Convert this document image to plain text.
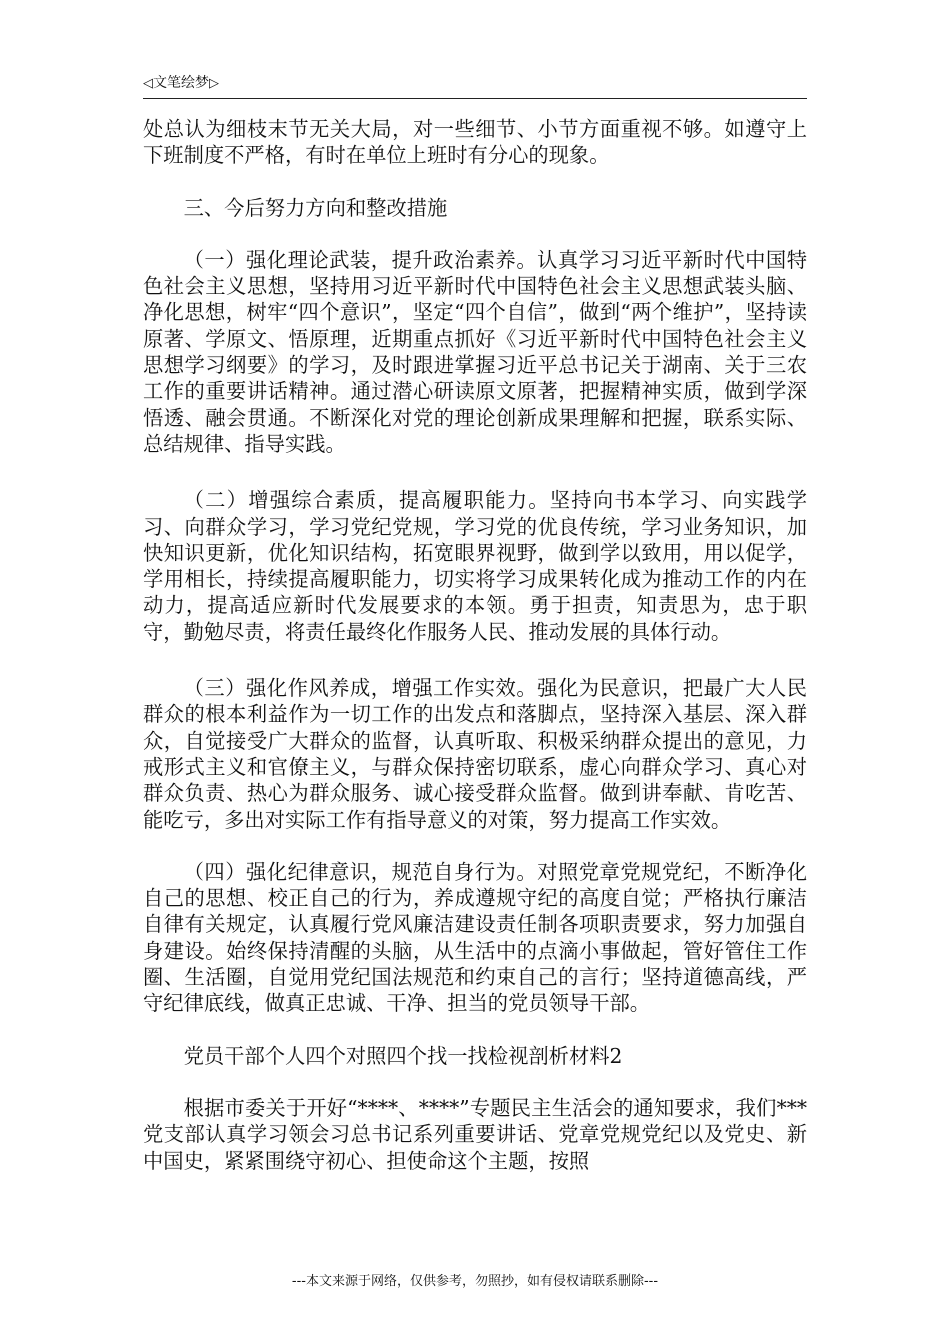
◁文笔绘梦▷

处总认为细枝末节无关大局，对一些细节、小节方面重视不够。如遵守上下班制度不严格，有时在单位上班时有分心的现象。

三、今后努力方向和整改措施

（一）强化理论武装，提升政治素养。认真学习习近平新时代中国特色社会主义思想，坚持用习近平新时代中国特色社会主义思想武装头脑、净化思想，树牢“四个意识”，坚定“四个自信”，做到“两个维护”，坚持读原著、学原文、悟原理，近期重点抓好《习近平新时代中国特色社会主义思想学习纲要》的学习，及时跟进掌握习近平总书记关于湖南、关于三农工作的重要讲话精神。通过潜心研读原文原著，把握精神实质，做到学深悟透、融会贯通。不断深化对党的理论创新成果理解和把握，联系实际、总结规律、指导实践。

（二）增强综合素质，提高履职能力。坚持向书本学习、向实践学习、向群众学习，学习党纪党规，学习党的优良传统，学习业务知识，加快知识更新，优化知识结构，拓宽眼界视野，做到学以致用，用以促学，学用相长，持续提高履职能力，切实将学习成果转化成为推动工作的内在动力，提高适应新时代发展要求的本领。勇于担责，知责思为，忠于职守，勤勉尽责，将责任最终化作服务人民、推动发展的具体行动。

（三）强化作风养成，增强工作实效。强化为民意识，把最广大人民群众的根本利益作为一切工作的出发点和落脚点，坚持深入基层、深入群众，自觉接受广大群众的监督，认真听取、积极采纳群众提出的意见，力戒形式主义和官僚主义，与群众保持密切联系，虚心向群众学习、真心对群众负责、热心为群众服务、诚心接受群众监督。做到讲奉献、肯吃苦、能吃亏，多出对实际工作有指导意义的对策，努力提高工作实效。

（四）强化纪律意识，规范自身行为。对照党章党规党纪，不断净化自己的思想、校正自己的行为，养成遵规守纪的高度自觉；严格执行廉洁自律有关规定，认真履行党风廉洁建设责任制各项职责要求，努力加强自身建设。始终保持清醒的头脑，从生活中的点滴小事做起，管好管住工作圈、生活圈，自觉用党纪国法规范和约束自己的言行；坚持道德高线，严守纪律底线，做真正忠诚、干净、担当的党员领导干部。

党员干部个人四个对照四个找一找检视剖析材料2

根据市委关于开好“****、****”专题民主生活会的通知要求，我们***党支部认真学习领会习总书记系列重要讲话、党章党规党纪以及党史、新中国史，紧紧围绕守初心、担使命这个主题，按照

---本文来源于网络，仅供参考，勿照抄，如有侵权请联系删除---
